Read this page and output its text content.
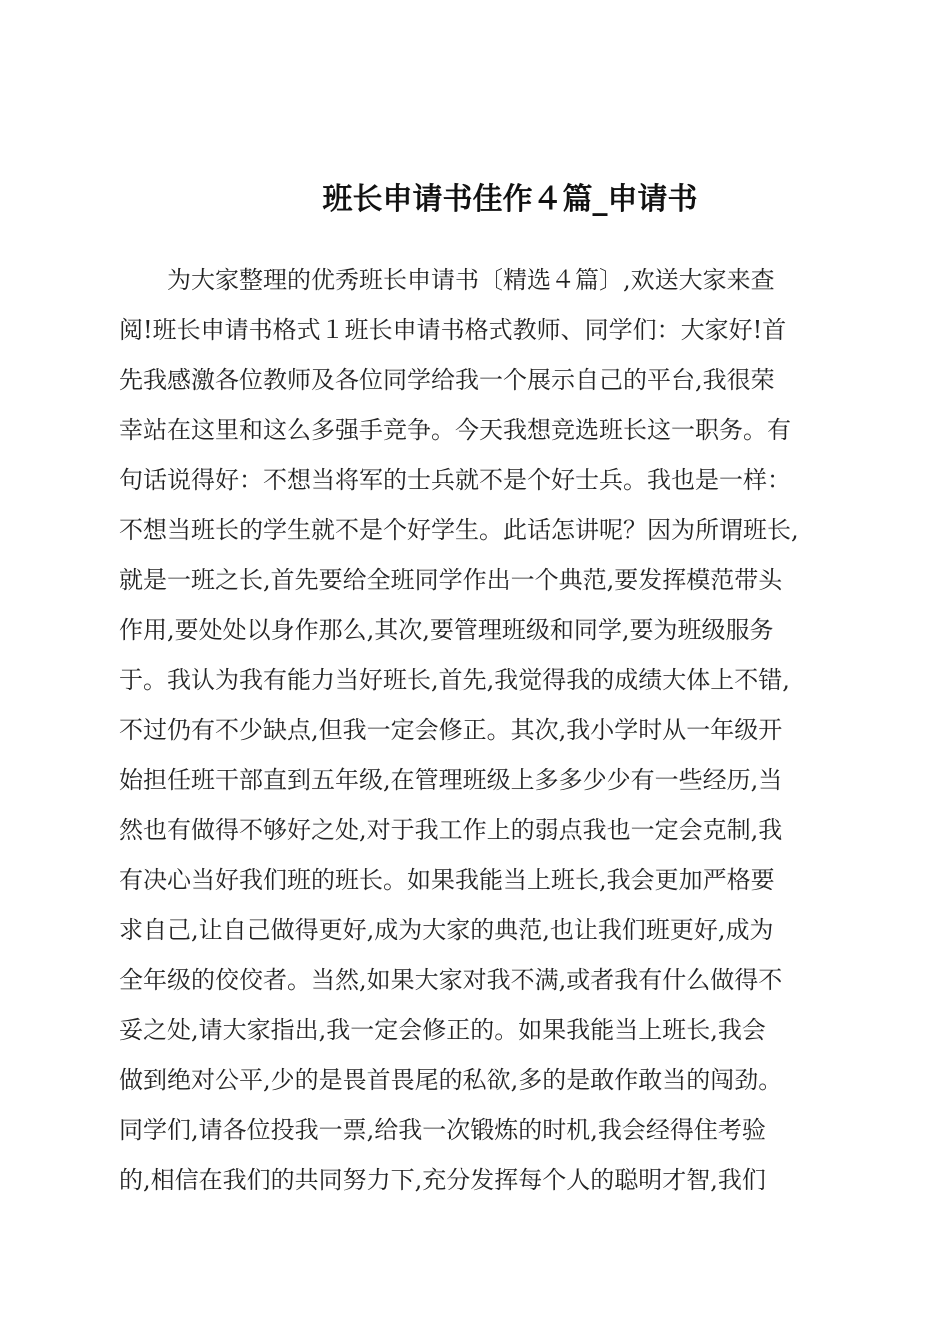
班长申请书佳作４篇_申请书
为大家整理的优秀班长申请书〔精选４篇〕,欢送大家来查
阅!班长申请书格式１班长申请书格式教师、同学们：大家好!首
先我感激各位教师及各位同学给我一个展示自己的平台,我很荣
幸站在这里和这么多强手竞争。今天我想竞选班长这一职务。有
句话说得好：不想当将军的士兵就不是个好士兵。我也是一样：
不想当班长的学生就不是个好学生。此话怎讲呢？因为所谓班长,
就是一班之长,首先要给全班同学作出一个典范,要发挥模范带头
作用,要处处以身作那么,其次,要管理班级和同学,要为班级服务
于。我认为我有能力当好班长,首先,我觉得我的成绩大体上不错,
不过仍有不少缺点,但我一定会修正。其次,我小学时从一年级开
始担任班干部直到五年级,在管理班级上多多少少有一些经历,当
然也有做得不够好之处,对于我工作上的弱点我也一定会克制,我
有决心当好我们班的班长。如果我能当上班长,我会更加严格要
求自己,让自己做得更好,成为大家的典范,也让我们班更好,成为
全年级的佼佼者。当然,如果大家对我不满,或者我有什么做得不
妥之处,请大家指出,我一定会修正的。如果我能当上班长,我会
做到绝对公平,少的是畏首畏尾的私欲,多的是敢作敢当的闯劲。
同学们,请各位投我一票,给我一次锻炼的时机,我会经得住考验
的,相信在我们的共同努力下,充分发挥每个人的聪明才智,我们
